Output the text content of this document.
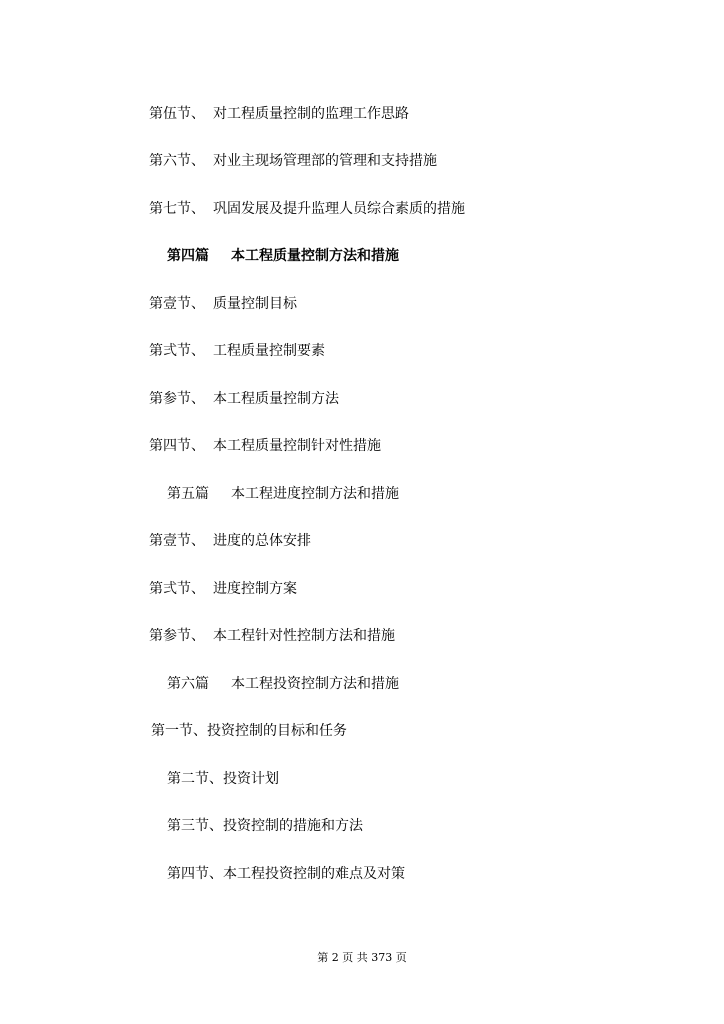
第伍节、 对工程质量控制的监理工作思路
第六节、 对业主现场管理部的管理和支持措施
第七节、 巩固发展及提升监理人员综合素质的措施
第四篇 本工程质量控制方法和措施
第壹节、 质量控制目标
第弍节、 工程质量控制要素
第参节、 本工程质量控制方法
第四节、 本工程质量控制针对性措施
第五篇 本工程进度控制方法和措施
第壹节、 进度的总体安排
第弍节、 进度控制方案
第参节、 本工程针对性控制方法和措施
第六篇 本工程投资控制方法和措施
第一节、投资控制的目标和任务
第二节、投资计划
第三节、投资控制的措施和方法
第四节、本工程投资控制的难点及对策
第 2 页 共 373 页
